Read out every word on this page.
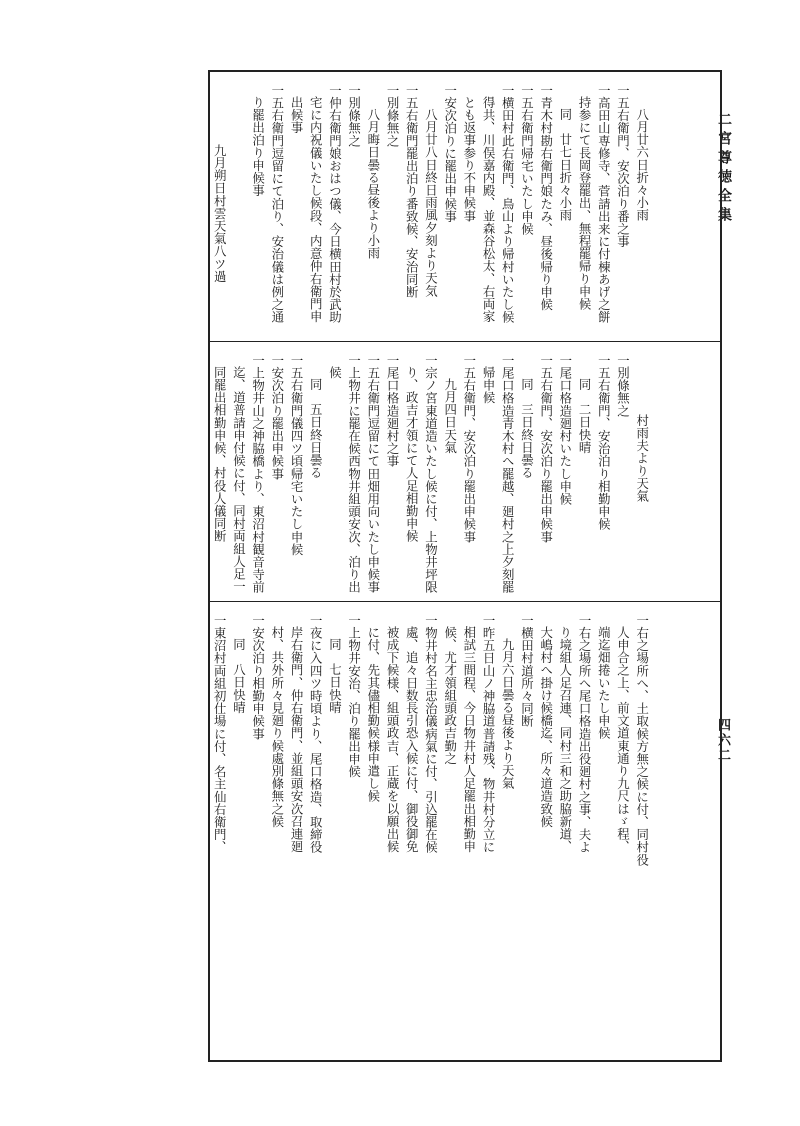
二宮尊徳全集
四六二
八月廿六日折々小雨
一 五右衛門、安次泊り番之事
一 高田山専修寺、菅請出来に付棟あげ之餅
持参にて長岡登罷出、無程罷帰り申候
同　廿七日折々小雨
一 青木村勘右衛門娘たみ、昼後帰り申候
一 五右衛門帰宅いたし申候
一 横田村此右衛門、鳥山より帰村いたし候
得共、川俣嘉内殿、並森谷松太、右両家
とも返事参り不申候事
一 安次泊りに罷出申候事
八月廿八日終日雨風夕刻より天気
一 五右衛門罷出泊り番致候、安治同断
一 別條無之
八月晦日曇る昼後より小雨
一 別條無之
一 仲右衛門娘おはつ儀、今日横田村於武助
宅に内祝儀いたし候段、内意仲右衛門申
出候事
一 五右衛門逗留にて泊り、安治儀は例之通
り罷出泊り申候事

九月朔日村雲天氣八ツ過
村雨夫より天氣
一 別條無之
一 五右衛門、安治泊り相勤申候
同　二日快晴
一 尾口格造廻村いたし申候
一 五右衛門、安次泊り罷出申候事
同　三日終日曇る
一 尾口格造青木村へ罷越、廻村之上夕刻罷
帰申候
一 五右衛門、安次泊り罷出申候事
九月四日天氣
一 宗ノ宮東道造いたし候に付、上物井坪限
り、政吉才領にて人足相勤申候
一 尾口格造廻村之事
一 五右衛門逗留にて田畑用向いたし申候事
一 上物井に罷在候西物井組頭安次、泊り出
候
同　五日終日曇る
一 五右衛門儀四ツ頃帰宅いたし申候
一 安次泊り罷出申候事
一 上物井山之神脇橋より、東沼村観音寺前
迄、道普請申付候に付、同村両組人足一
同罷出相勤申候、村役人儀同断
一 右之場所へ、土取候方無之候に付、同村役
人申合之上、前文道東通り九尺はゞ程、
端迄畑捲いたし申候
一 右之場所へ尾口格造出役廻村之事、夫よ
り境組人足召連、同村三和之助脇新道、
大嶋村へ掛け候橋迄、所々道造致候
一 横田村道所々同断
九月六日曇る昼後より天氣
一 昨五日山ノ神脇道普請残、物井村分立に
相試三間程、今日物井村人足罷出相勤申
候、尤才領組頭政吉勤之
一 物井村名主忠治儀病氣に付、引込罷在候
處、追々日数長引恐入候に付、御役御免
被成下候様、組頭政吉、正蔵を以願出候
に付、先其儘相勤候様申遣し候
一 上物井安治、泊り罷出申候
同　七日快晴
一 夜に入四ツ時頃より、尾口格造、取締役
岸右衛門、仲右衛門、並組頭安次召連廻
村、共外所々見廻り候處別條無之候
一 安次泊り相勤申候事
同　八日快晴
一 東沼村両組初仕場に付、名主仙右衛門、
